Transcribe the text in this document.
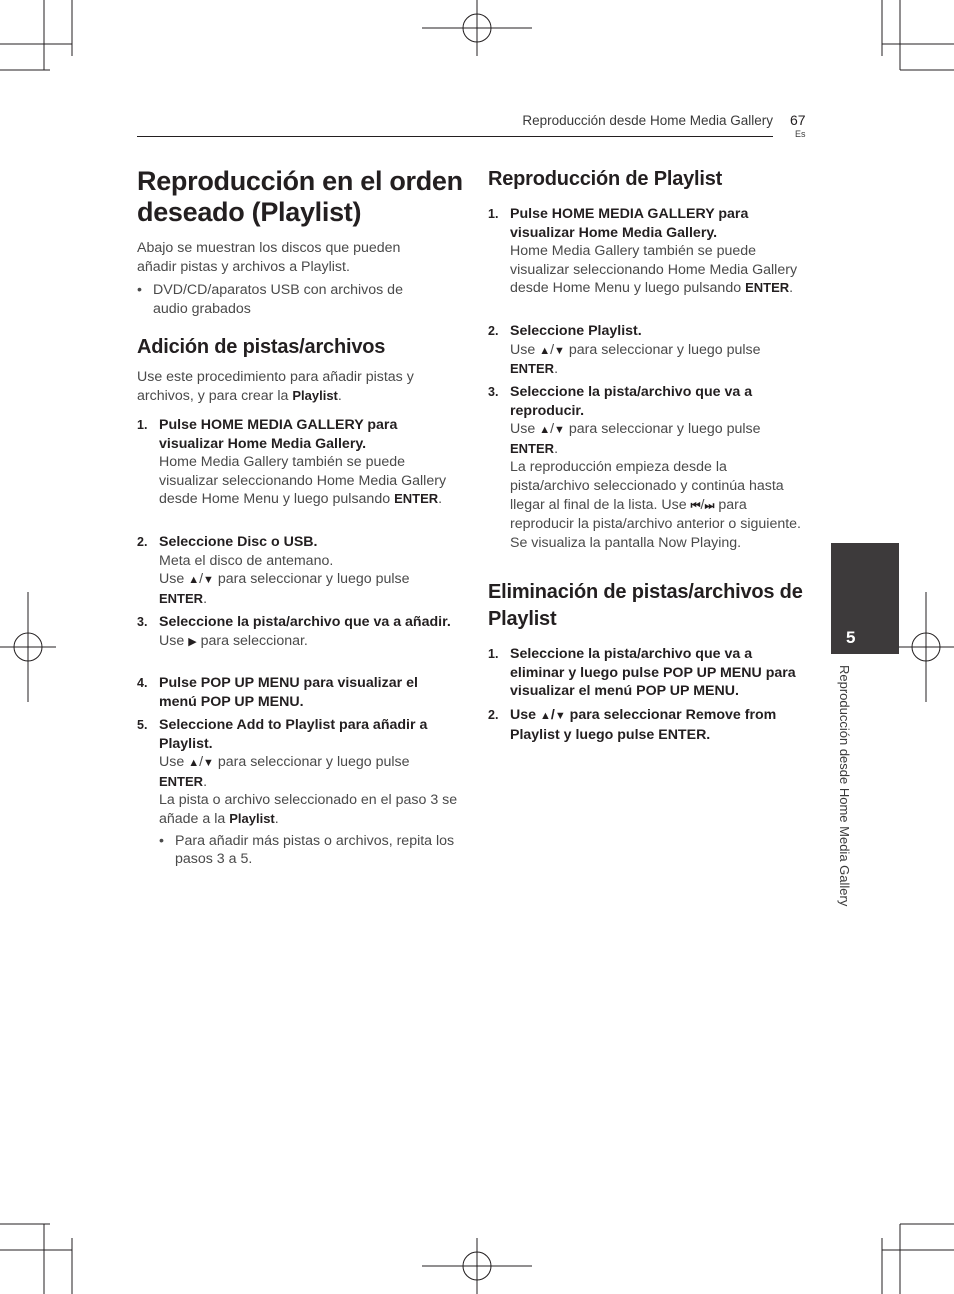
Reproducción desde Home Media Gallery 67
Es
Reproducción en el orden deseado (Playlist)
Abajo se muestran los discos que pueden añadir pistas y archivos a Playlist.
• DVD/CD/aparatos USB con archivos de audio grabados
Adición de pistas/archivos
Use este procedimiento para añadir pistas y archivos, y para crear la Playlist.
1. Pulse HOME MEDIA GALLERY para visualizar Home Media Gallery.
Home Media Gallery también se puede visualizar seleccionando Home Media Gallery desde Home Menu y luego pulsando ENTER.
2. Seleccione Disc o USB.
Meta el disco de antemano.
Use ▲/▼ para seleccionar y luego pulse ENTER.
3. Seleccione la pista/archivo que va a añadir.
Use ▶ para seleccionar.
4. Pulse POP UP MENU para visualizar el menú POP UP MENU.
5. Seleccione Add to Playlist para añadir a Playlist.
Use ▲/▼ para seleccionar y luego pulse ENTER.
La pista o archivo seleccionado en el paso 3 se añade a la Playlist.
• Para añadir más pistas o archivos, repita los pasos 3 a 5.
Reproducción de Playlist
1. Pulse HOME MEDIA GALLERY para visualizar Home Media Gallery.
Home Media Gallery también se puede visualizar seleccionando Home Media Gallery desde Home Menu y luego pulsando ENTER.
2. Seleccione Playlist.
Use ▲/▼ para seleccionar y luego pulse ENTER.
3. Seleccione la pista/archivo que va a reproducir.
Use ▲/▼ para seleccionar y luego pulse ENTER.
La reproducción empieza desde la pista/archivo seleccionado y continúa hasta llegar al final de la lista. Use ⏮/⏭ para reproducir la pista/archivo anterior o siguiente. Se visualiza la pantalla Now Playing.
Eliminación de pistas/archivos de Playlist
1. Seleccione la pista/archivo que va a eliminar y luego pulse POP UP MENU para visualizar el menú POP UP MENU.
2. Use ▲/▼ para seleccionar Remove from Playlist y luego pulse ENTER.
5
Reproducción desde Home Media Gallery
